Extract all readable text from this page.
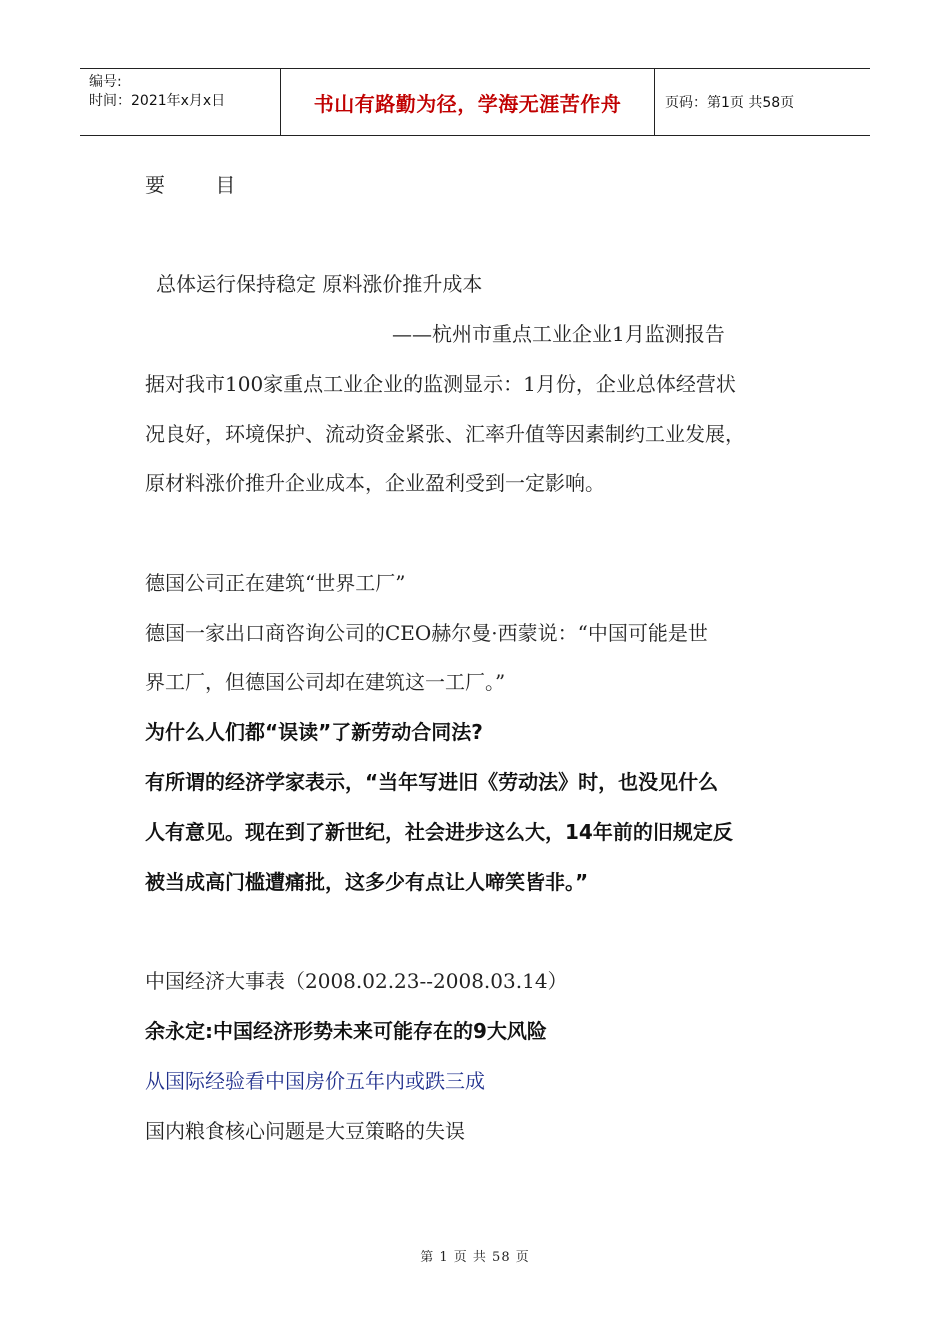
编号:
时间：2021年x月x日	书山有路勤为径，学海无涯苦作舟	页码：第1页 共58页
要 目
总体运行保持稳定 原料涨价推升成本
——杭州市重点工业企业1月监测报告
据对我市100家重点工业企业的监测显示：1月份，企业总体经营状
况良好，环境保护、流动资金紧张、汇率升值等因素制约工业发展，
原材料涨价推升企业成本，企业盈利受到一定影响。
德国公司正在建筑“世界工厂”
德国一家出口商咨询公司的CEO赫尔曼·西蒙说：“中国可能是世
界工厂，但德国公司却在建筑这一工厂。”
为什么人们都“误读”了新劳动合同法?
有所谓的经济学家表示，“当年写进旧《劳动法》时，也没见什么
人有意见。现在到了新世纪，社会进步这么大，14年前的旧规定反
被当成高门槛遭痛批，这多少有点让人啼笑皆非。”
中国经济大事表（2008.02.23--2008.03.14）
余永定:中国经济形势未来可能存在的9大风险
从国际经验看中国房价五年内或跌三成
国内粮食核心问题是大豆策略的失误
第 1 页 共 58 页
